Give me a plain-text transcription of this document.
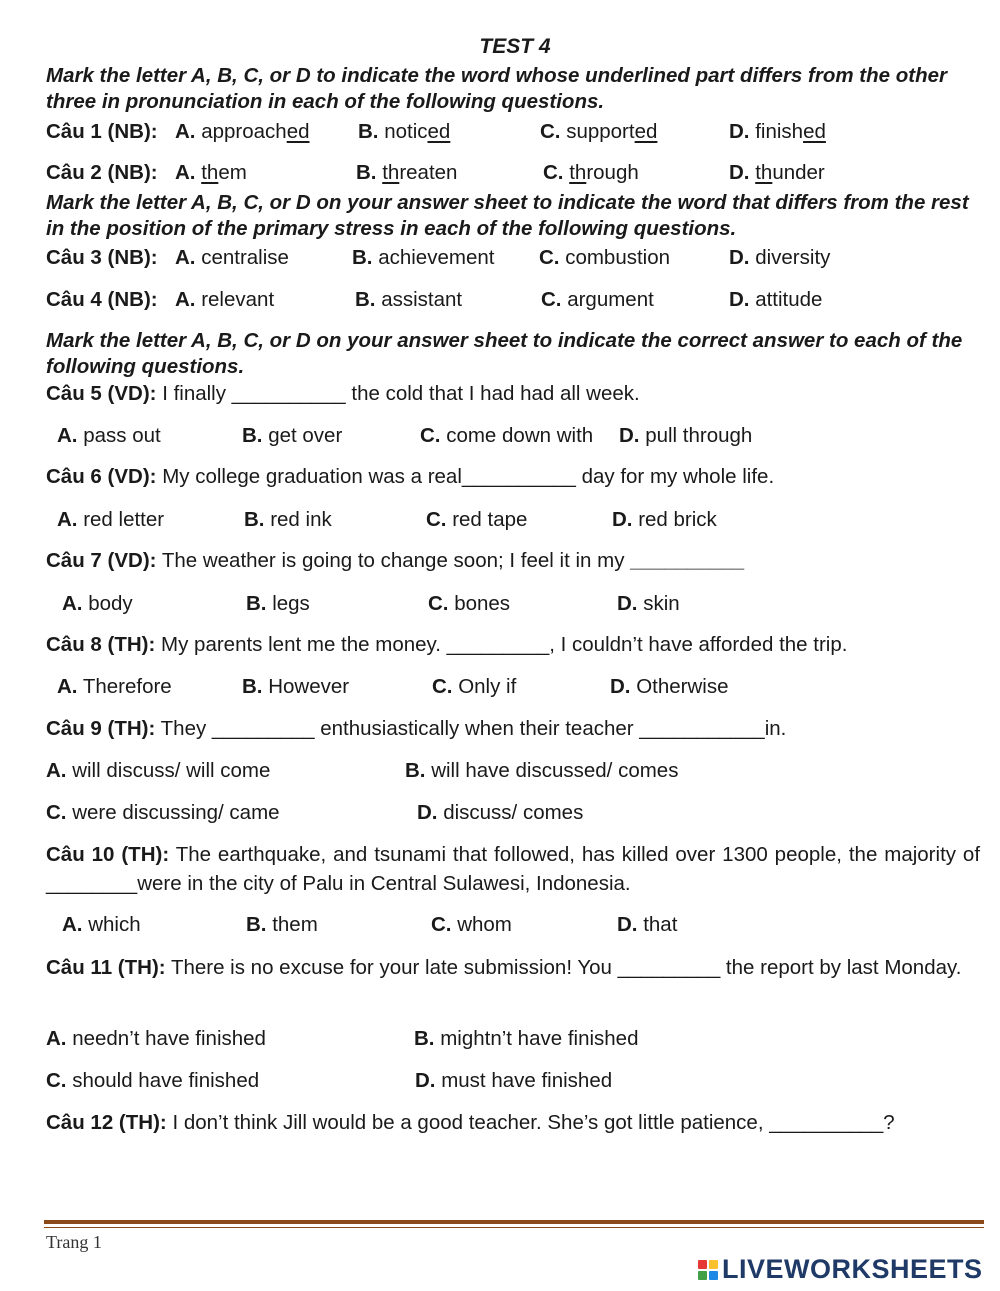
TEST 4
Mark the letter A, B, C, or D to indicate the word whose underlined part differs from the other three in pronunciation in each of the following questions.
Câu 1 (NB): A. approached B. noticed	C. supported	D. finished
Câu 2 (NB): A. them	B. threaten	C. through	D. thunder
Mark the letter A, B, C, or D on your answer sheet to indicate the word that differs from the rest in the position of the primary stress in each of the following questions.
Câu 3 (NB): A. centralise	B. achievement C. combustion	D. diversity
Câu 4 (NB): A. relevant	B. assistant	C. argument	D. attitude
Mark the letter A, B, C, or D on your answer sheet to indicate the correct answer to each of the following questions.
Câu 5 (VD): I finally __________ the cold that I had had all week.
A. pass out	B. get over	C. come down with D. pull through
Câu 6 (VD): My college graduation was a real__________ day for my whole life.
A. red letter	B. red ink	C. red tape	D. red brick
Câu 7 (VD): The weather is going to change soon; I feel it in my __________
A. body	B. legs	C. bones	D. skin
Câu 8 (TH): My parents lent me the money. _________, I couldn’t have afforded the trip.
A. Therefore	B. However	C. Only if	D. Otherwise
Câu 9 (TH): They _________ enthusiastically when their teacher ___________in.
A. will discuss/ will come	B. will have discussed/ comes
C. were discussing/ came	D. discuss/ comes
Câu 10 (TH): The earthquake, and tsunami that followed, has killed over 1300 people, the majority of ________were in the city of Palu in Central Sulawesi, Indonesia.
A. which	B. them	C. whom	D. that
Câu 11 (TH): There is no excuse for your late submission! You _________ the report by last Monday.
A. needn’t have finished	B. mightn’t have finished
C. should have finished	D. must have finished
Câu 12 (TH): I don’t think Jill would be a good teacher. She’s got little patience, __________?
Trang 1
LIVEWORKSHEETS
